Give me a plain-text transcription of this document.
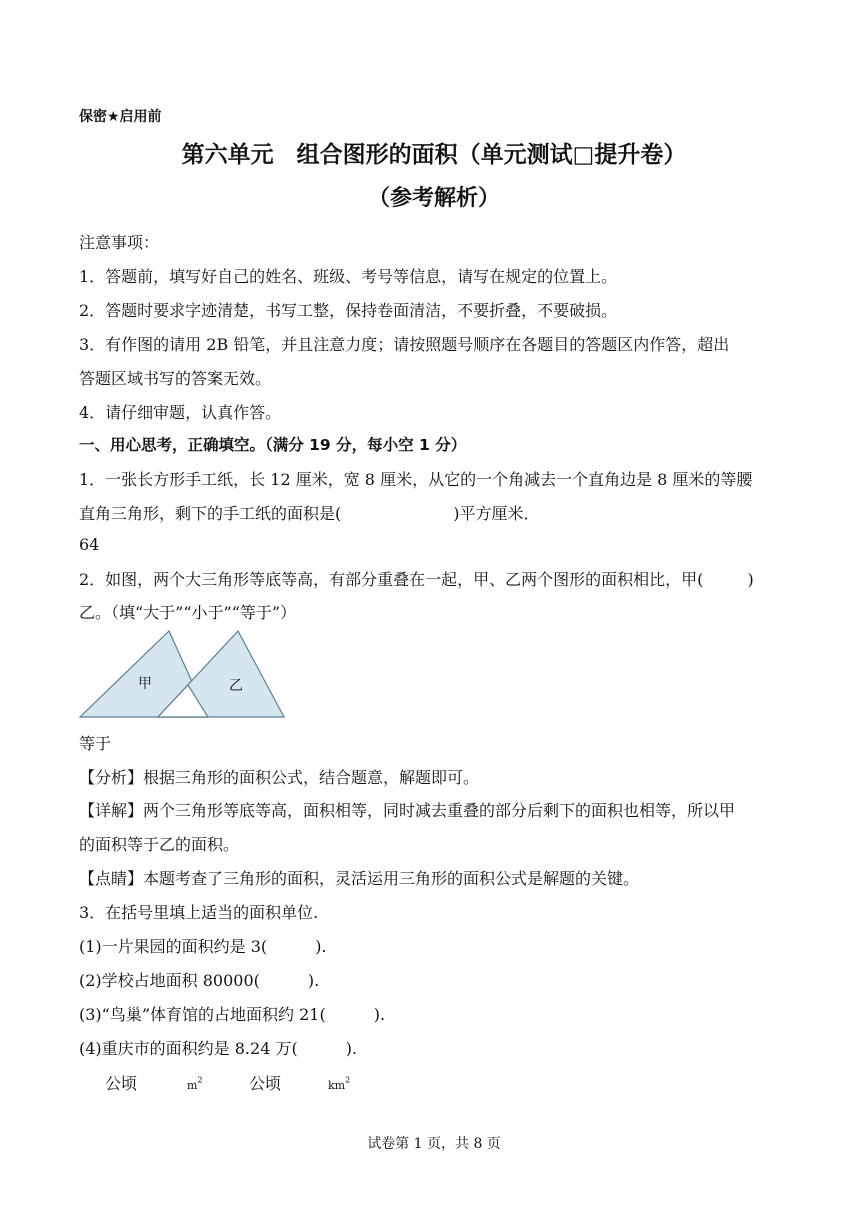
保密★启用前
第六单元　组合图形的面积（单元测试□提升卷）
（参考解析）
注意事项：
1．答题前，填写好自己的姓名、班级、考号等信息，请写在规定的位置上。
2．答题时要求字迹清楚，书写工整，保持卷面清洁，不要折叠，不要破损。
3．有作图的请用 2B 铅笔，并且注意力度；请按照题号顺序在各题目的答题区内作答，超出
答题区域书写的答案无效。
4．请仔细审题，认真作答。
一、用心思考，正确填空。（满分 19 分，每小空 1 分）
1．一张长方形手工纸，长 12 厘米，宽 8 厘米，从它的一个角减去一个直角边是 8 厘米的等腰
直角三角形，剩下的手工纸的面积是(	)平方厘米．
64
2．如图，两个大三角形等底等高，有部分重叠在一起，甲、乙两个图形的面积相比，甲(	)
乙。（填“大于”“小于”“等于”）
甲	乙
等于
【分析】根据三角形的面积公式，结合题意，解题即可。
【详解】两个三角形等底等高，面积相等，同时减去重叠的部分后剩下的面积也相等，所以甲
的面积等于乙的面积。
【点睛】本题考查了三角形的面积，灵活运用三角形的面积公式是解题的关键。
3．在括号里填上适当的面积单位.
(1)一片果园的面积约是 3(	).
(2)学校占地面积 80000(	).
(3)“鸟巢”体育馆的占地面积约 21(	).
(4)重庆市的面积约是 8.24 万(	).
公顷	$m^2$	公顷	$km^2$
试卷第 1 页，共 8 页
